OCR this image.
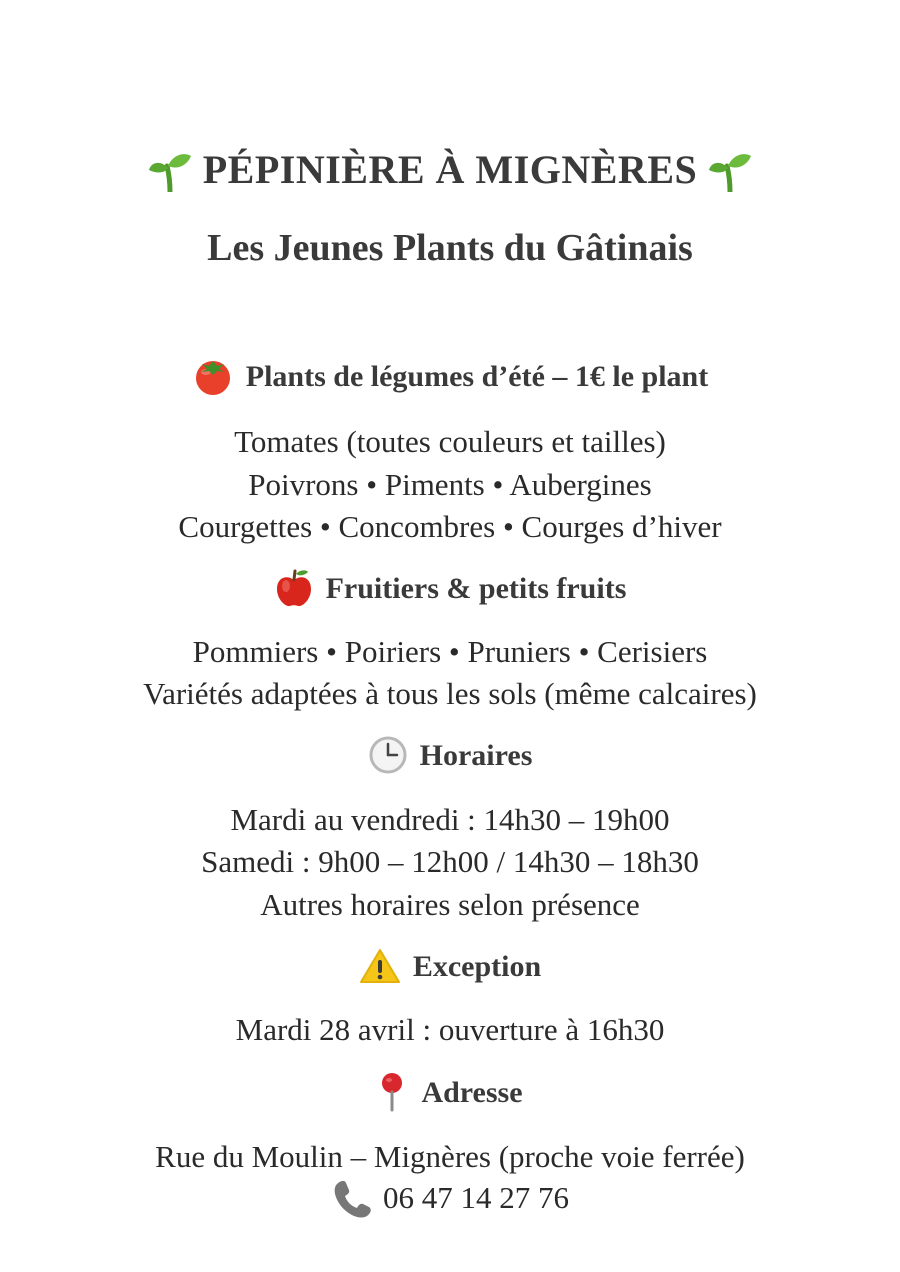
PÉPINIÈRE À MIGNÈRES
Les Jeunes Plants du Gâtinais
Plants de légumes d’été – 1€ le plant
Tomates (toutes couleurs et tailles)
Poivrons • Piments • Aubergines
Courgettes • Concombres • Courges d’hiver
Fruitiers & petits fruits
Pommiers • Poiriers • Pruniers • Cerisiers
Variétés adaptées à tous les sols (même calcaires)
Horaires
Mardi au vendredi : 14h30 – 19h00
Samedi : 9h00 – 12h00 / 14h30 – 18h30
Autres horaires selon présence
Exception
Mardi 28 avril : ouverture à 16h30
Adresse
Rue du Moulin – Mignères (proche voie ferrée)
06 47 14 27 76
